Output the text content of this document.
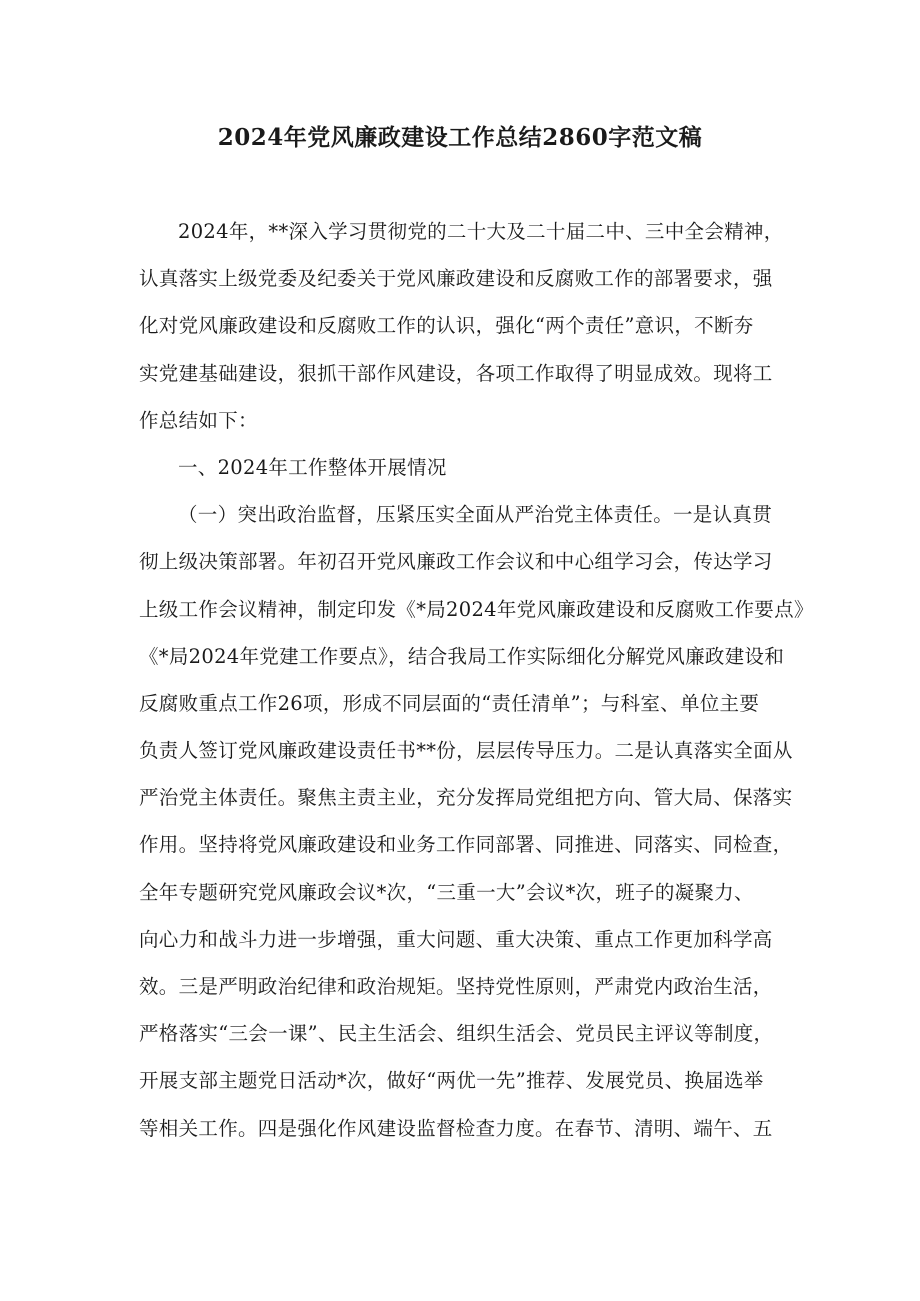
2024年党风廉政建设工作总结2860字范文稿
2024年，**深入学习贯彻党的二十大及二十届二中、三中全会精神，
认真落实上级党委及纪委关于党风廉政建设和反腐败工作的部署要求，强
化对党风廉政建设和反腐败工作的认识，强化“两个责任”意识，不断夯
实党建基础建设，狠抓干部作风建设，各项工作取得了明显成效。现将工
作总结如下：
一、2024年工作整体开展情况
（一）突出政治监督，压紧压实全面从严治党主体责任。一是认真贯
彻上级决策部署。年初召开党风廉政工作会议和中心组学习会，传达学习
上级工作会议精神，制定印发《*局2024年党风廉政建设和反腐败工作要点》
《*局2024年党建工作要点》，结合我局工作实际细化分解党风廉政建设和
反腐败重点工作26项，形成不同层面的“责任清单”；与科室、单位主要
负责人签订党风廉政建设责任书**份，层层传导压力。二是认真落实全面从
严治党主体责任。聚焦主责主业，充分发挥局党组把方向、管大局、保落实
作用。坚持将党风廉政建设和业务工作同部署、同推进、同落实、同检查，
全年专题研究党风廉政会议*次，“三重一大”会议*次，班子的凝聚力、
向心力和战斗力进一步增强，重大问题、重大决策、重点工作更加科学高
效。三是严明政治纪律和政治规矩。坚持党性原则，严肃党内政治生活，
严格落实“三会一课”、民主生活会、组织生活会、党员民主评议等制度，
开展支部主题党日活动*次，做好“两优一先”推荐、发展党员、换届选举
等相关工作。四是强化作风建设监督检查力度。在春节、清明、端午、五
